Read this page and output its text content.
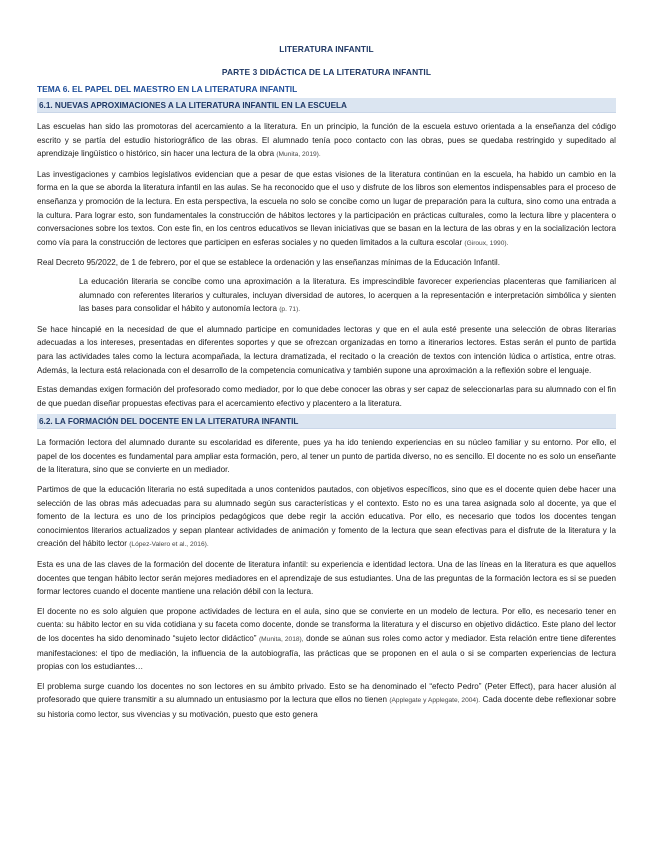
LITERATURA INFANTIL
PARTE 3 DIDÁCTICA DE LA LITERATURA INFANTIL
TEMA 6. EL PAPEL DEL MAESTRO EN LA LITERATURA INFANTIL
6.1. NUEVAS APROXIMACIONES A LA LITERATURA INFANTIL EN LA ESCUELA

Las escuelas han sido las promotoras del acercamiento a la literatura. En un principio, la función de la escuela estuvo orientada a la enseñanza del código escrito y se partía del estudio historiográfico de las obras. El alumnado tenía poco contacto con las obras, pues se quedaba restringido y supeditado al aprendizaje lingüístico o histórico, sin hacer una lectura de la obra (Munita, 2019).

Las investigaciones y cambios legislativos evidencian que a pesar de que estas visiones de la literatura continúan en la escuela, ha habido un cambio en la forma en la que se aborda la literatura infantil en las aulas. Se ha reconocido que el uso y disfrute de los libros son elementos indispensables para el proceso de enseñanza y promoción de la lectura. En esta perspectiva, la escuela no solo se concibe como un lugar de preparación para la cultura, sino como una entrada a la cultura. Para lograr esto, son fundamentales la construcción de hábitos lectores y la participación en prácticas culturales, como la lectura libre y placentera o conversaciones sobre los textos. Con este fin, en los centros educativos se llevan iniciativas que se basan en la lectura de las obras y en la socialización lectora como vía para la construcción de lectores que participen en esferas sociales y no queden limitados a la cultura escolar (Giroux, 1990).

Real Decreto 95/2022, de 1 de febrero, por el que se establece la ordenación y las enseñanzas mínimas de la Educación Infantil.

La educación literaria se concibe como una aproximación a la literatura. Es imprescindible favorecer experiencias placenteras que familiaricen al alumnado con referentes literarios y culturales, incluyan diversidad de autores, lo acerquen a la representación e interpretación simbólica y sienten las bases para consolidar el hábito y autonomía lectora (p. 71).

Se hace hincapié en la necesidad de que el alumnado participe en comunidades lectoras y que en el aula esté presente una selección de obras literarias adecuadas a los intereses, presentadas en diferentes soportes y que se ofrezcan organizadas en torno a itinerarios lectores. Estas serán el punto de partida para las actividades tales como la lectura acompañada, la lectura dramatizada, el recitado o la creación de textos con intención lúdica o artística, entre otras. Además, la lectura está relacionada con el desarrollo de la competencia comunicativa y también supone una aproximación a la reflexión sobre el lenguaje.

Estas demandas exigen formación del profesorado como mediador, por lo que debe conocer las obras y ser capaz de seleccionarlas para su alumnado con el fin de que puedan diseñar propuestas efectivas para el acercamiento efectivo y placentero a la literatura.

6.2. LA FORMACIÓN DEL DOCENTE EN LA LITERATURA INFANTIL

La formación lectora del alumnado durante su escolaridad es diferente, pues ya ha ido teniendo experiencias en su núcleo familiar y su entorno. Por ello, el papel de los docentes es fundamental para ampliar esta formación, pero, al tener un punto de partida diverso, no es sencillo. El docente no es solo un enseñante de la literatura, sino que se convierte en un mediador.

Partimos de que la educación literaria no está supeditada a unos contenidos pautados, con objetivos específicos, sino que es el docente quien debe hacer una selección de las obras más adecuadas para su alumnado según sus características y el contexto. Esto no es una tarea asignada solo al docente, ya que el fomento de la lectura es uno de los principios pedagógicos que debe regir la acción educativa. Por ello, es necesario que todos los docentes tengan conocimientos literarios actualizados y sepan plantear actividades de animación y fomento de la lectura que sean efectivas para el disfrute de la literatura y la creación del hábito lector (López-Valero et al., 2016).

Esta es una de las claves de la formación del docente de literatura infantil: su experiencia e identidad lectora. Una de las líneas en la literatura es que aquellos docentes que tengan hábito lector serán mejores mediadores en el aprendizaje de sus estudiantes. Una de las preguntas de la formación lectora es si se pueden formar lectores cuando el docente mantiene una relación débil con la lectura.

El docente no es solo alguien que propone actividades de lectura en el aula, sino que se convierte en un modelo de lectura. Por ello, es necesario tener en cuenta: su hábito lector en su vida cotidiana y su faceta como docente, donde se transforma la literatura y el discurso en objetivo didáctico. Este plano del lector de los docentes ha sido denominado “sujeto lector didáctico” (Munita, 2018), donde se aúnan sus roles como actor y mediador. Esta relación entre tiene diferentes manifestaciones: el tipo de mediación, la influencia de la autobiografía, las prácticas que se proponen en el aula o si se comparten experiencias de lectura propias con los estudiantes…

El problema surge cuando los docentes no son lectores en su ámbito privado. Esto se ha denominado el “efecto Pedro” (Peter Effect), para hacer alusión al profesorado que quiere transmitir a su alumnado un entusiasmo por la lectura que ellos no tienen (Applegate y Applegate, 2004). Cada docente debe reflexionar sobre su historia como lector, sus vivencias y su motivación, puesto que esto genera
